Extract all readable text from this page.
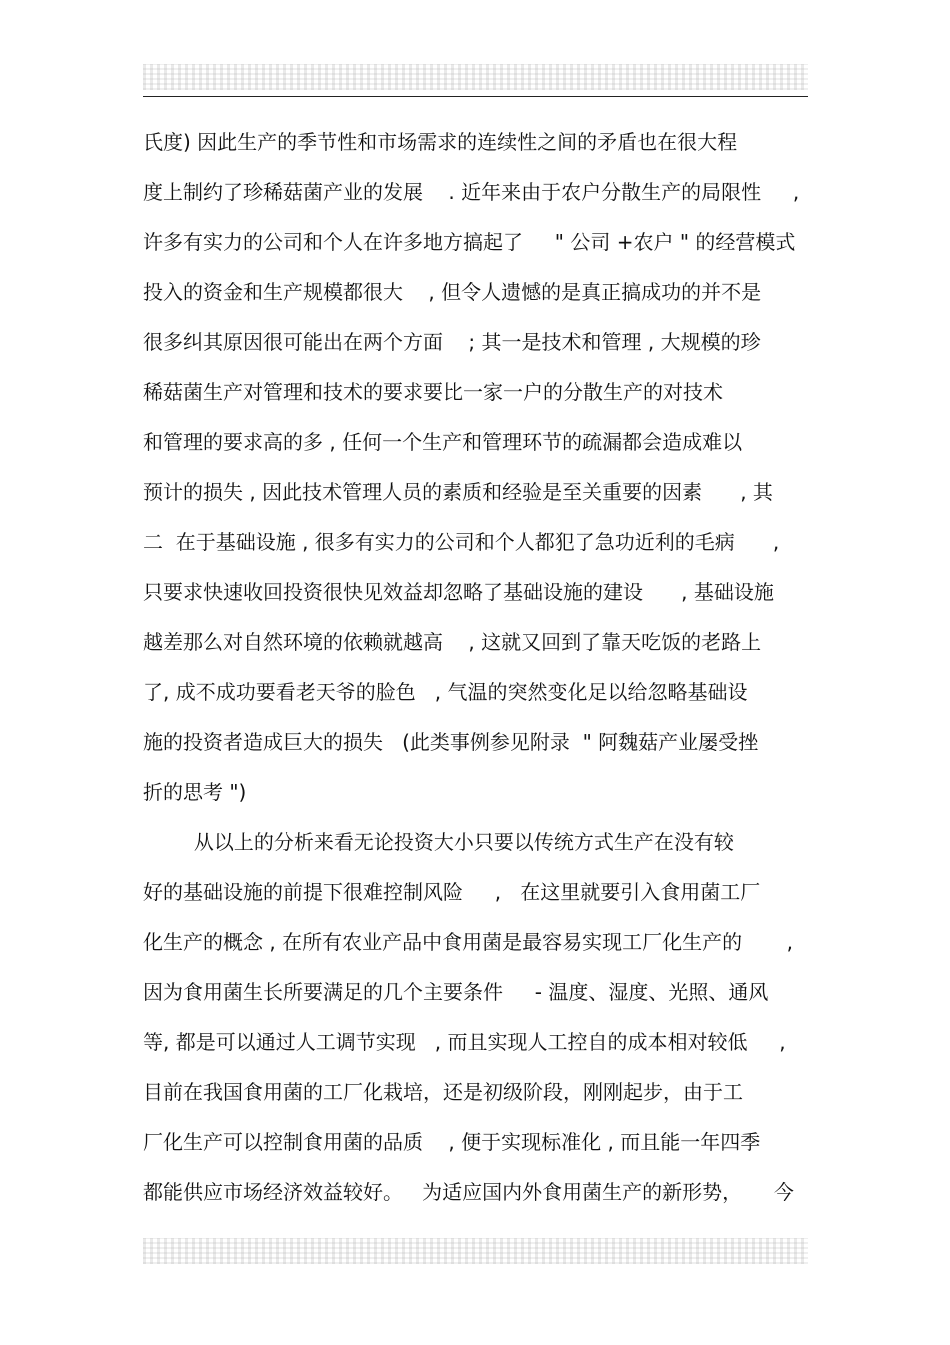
氏度) 因此生产的季节性和市场需求的连续性之间的矛盾也在很大程
度上制约了珍稀菇菌产业的发展    . 近年来由于农户分散生产的局限性     ,
许多有实力的公司和个人在许多地方搞起了     " 公司 +农户 " 的经营模式
投入的资金和生产规模都很大    , 但令人遗憾的是真正搞成功的并不是
很多纠其原因很可能出在两个方面    ; 其一是技术和管理 , 大规模的珍
稀菇菌生产对管理和技术的要求要比一家一户的分散生产的对技术
和管理的要求高的多 , 任何一个生产和管理环节的疏漏都会造成难以
预计的损失 , 因此技术管理人员的素质和经验是至关重要的因素      , 其
二  在于基础设施 , 很多有实力的公司和个人都犯了急功近利的毛病      ,
只要求快速收回投资很快见效益却忽略了基础设施的建设      , 基础设施
越差那么对自然环境的依赖就越高    , 这就又回到了靠天吃饭的老路上
了, 成不成功要看老天爷的脸色   , 气温的突然变化足以给忽略基础设
施的投资者造成巨大的损失   (此类事例参见附录  " 阿魏菇产业屡受挫
折的思考 ")
从以上的分析来看无论投资大小只要以传统方式生产在没有较
好的基础设施的前提下很难控制风险     ,   在这里就要引入食用菌工厂
化生产的概念 , 在所有农业产品中食用菌是最容易实现工厂化生产的       ,
因为食用菌生长所要满足的几个主要条件     - 温度、湿度、光照、通风
等, 都是可以通过人工调节实现   , 而且实现人工控自的成本相对较低     ,
目前在我国食用菌的工厂化栽培，还是初级阶段，刚刚起步，由于工
厂化生产可以控制食用菌的品质    , 便于实现标准化 , 而且能一年四季
都能供应市场经济效益较好。   为适应国内外食用菌生产的新形势，     今
